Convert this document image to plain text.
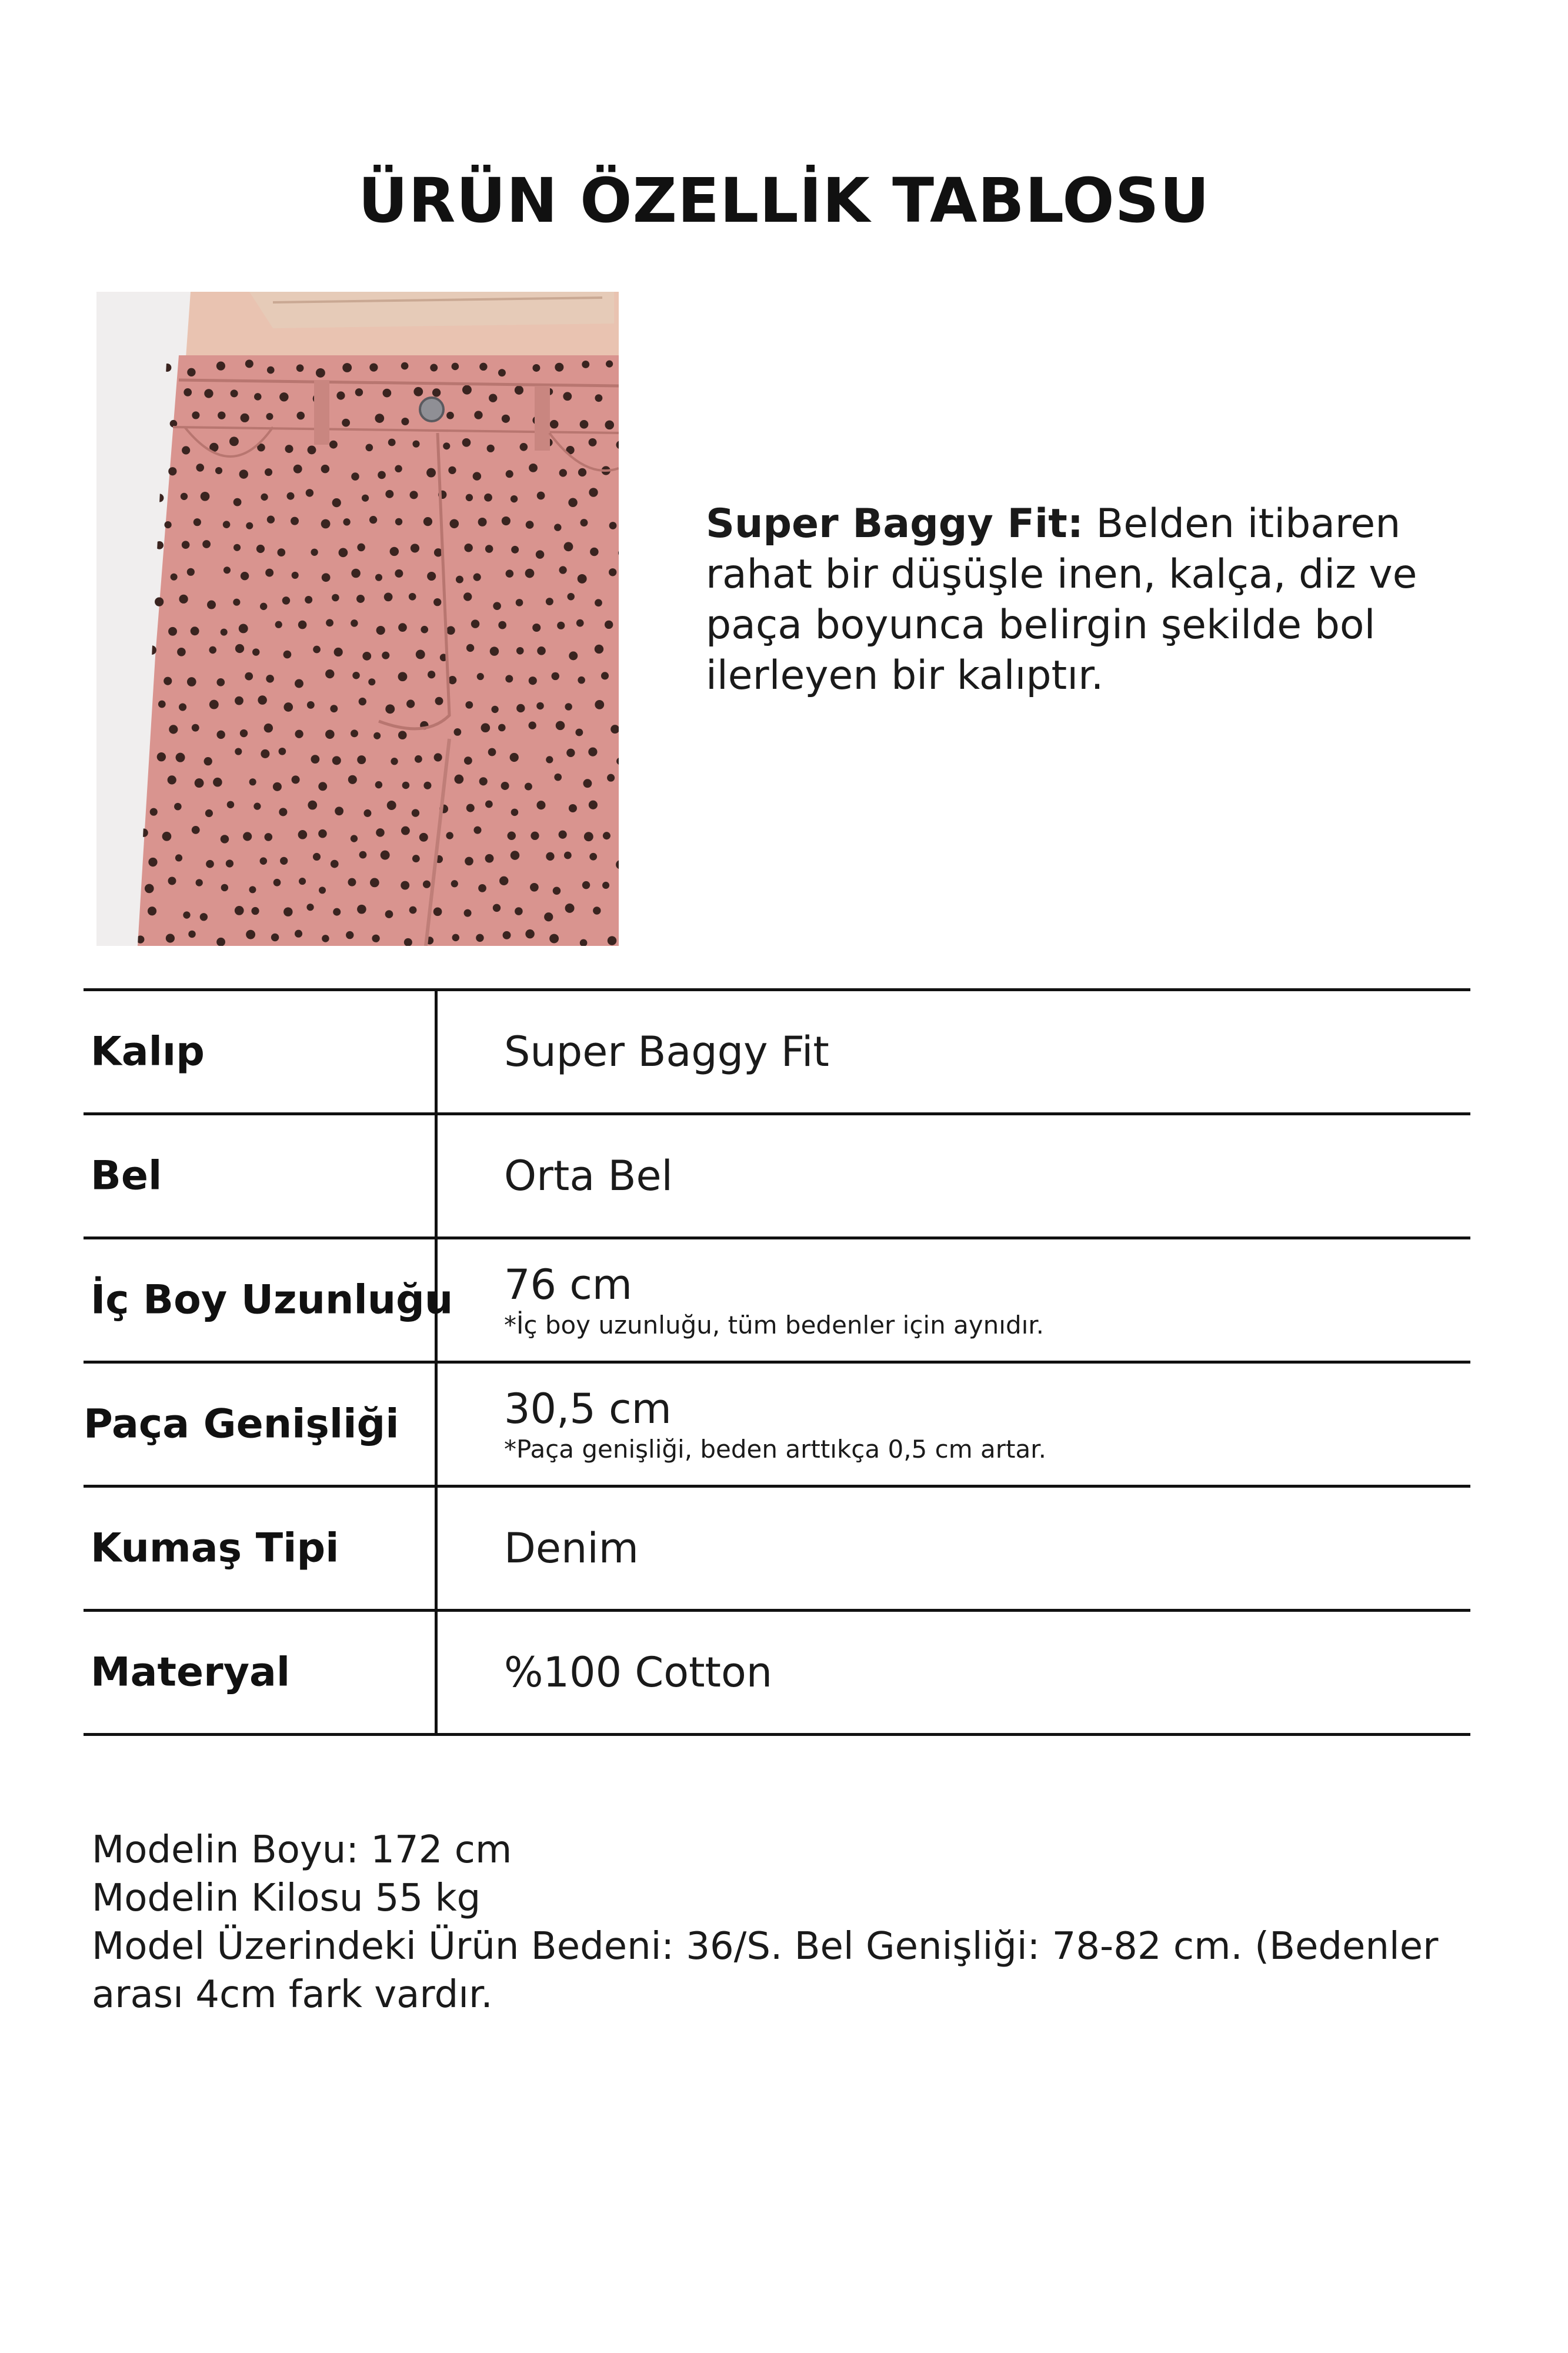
ÜRÜN ÖZELLİK TABLOSU
Super Baggy Fit: Belden itibaren rahat bir düşüşle inen, kalça, diz ve paça boyunca belirgin şekilde bol ilerleyen bir kalıptır.
Kalıp	Super Baggy Fit
Bel	Orta Bel
İç Boy Uzunluğu 76 cm
*İç boy uzunluğu, tüm bedenler için aynıdır.
Paça Genişliği	30,5 cm
*Paça genişliği, beden arttıkça 0,5 cm artar.
Kumaş Tipi	Denim
Materyal	%100 Cotton
Modelin Boyu: 172 cm
Modelin Kilosu 55 kg
Model Üzerindeki Ürün Bedeni: 36/S. Bel Genişliği: 78-82 cm. (Bedenler arası 4cm fark vardır.
